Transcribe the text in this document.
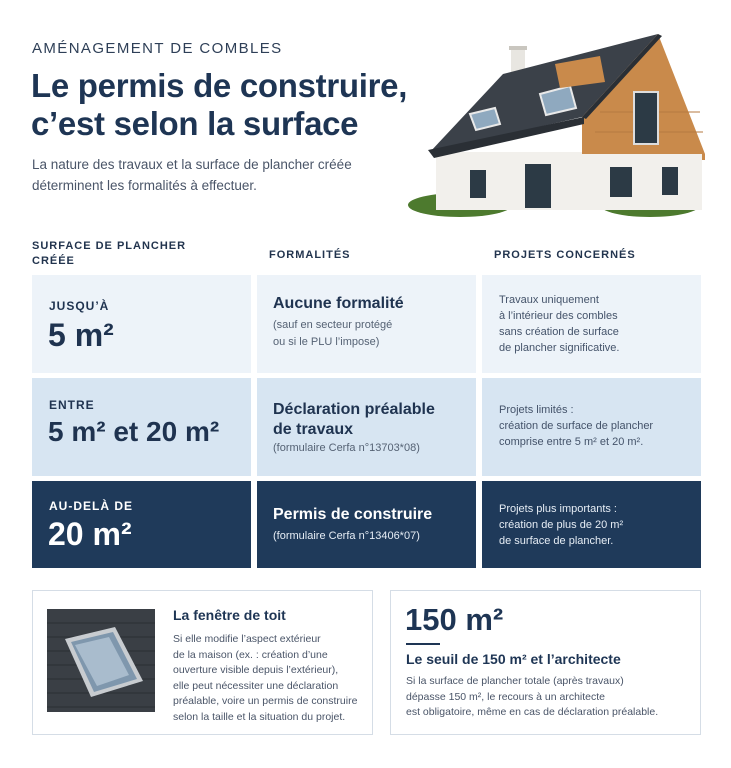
AMÉNAGEMENT DE COMBLES
Le permis de construire,
c’est selon la surface
La nature des travaux et la surface de plancher créée
déterminent les formalités à effectuer.
SURFACE DE PLANCHER
CRÉÉE	FORMALITÉS	PROJETS CONCERNÉS
JUSQU’À
5 m²
Aucune formalité
(sauf en secteur protégé
ou si le PLU l’impose)
Travaux uniquement
à l’intérieur des combles
sans création de surface
de plancher significative.
ENTRE
5 m² et 20 m²
Déclaration préalable
de travaux
(formulaire Cerfa n°13703*08)
Projets limités :
création de surface de plancher
comprise entre 5 m² et 20 m².
AU-DELÀ DE
20 m²
Permis de construire
(formulaire Cerfa n°13406*07)
Projets plus importants :
création de plus de 20 m²
de surface de plancher.
La fenêtre de toit
Si elle modifie l’aspect extérieur
de la maison (ex. : création d’une
ouverture visible depuis l’extérieur),
elle peut nécessiter une déclaration
préalable, voire un permis de construire
selon la taille et la situation du projet.
150 m²
Le seuil de 150 m² et l’architecte
Si la surface de plancher totale (après travaux)
dépasse 150 m², le recours à un architecte
est obligatoire, même en cas de déclaration préalable.
